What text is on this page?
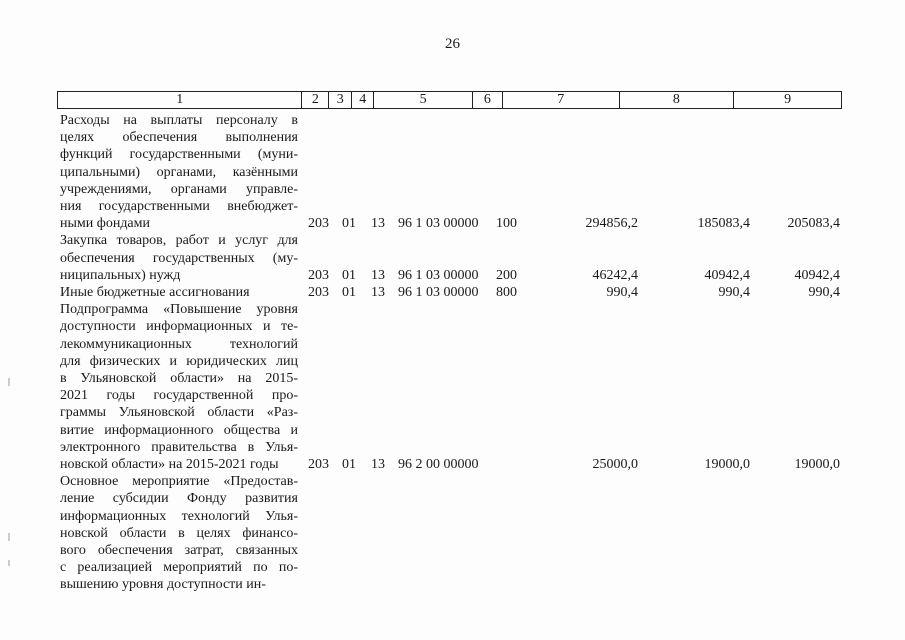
26
1	2	3	4	5	6	7	8	9
Расходы на выплаты персоналу в
целях обеспечения выполнения
функций государственными (муни-
ципальными) органами, казёнными
учреждениями, органами управле-
ния государственными внебюджет-
ными фондами	203 01 13 96 1 03 00000 100	294856,2	185083,4	205083,4
Закупка товаров, работ и услуг для
обеспечения государственных (му-
ниципальных) нужд	203 01 13 96 1 03 00000 200	46242,4	40942,4	40942,4
Иные бюджетные ассигнования	203 01 13 96 1 03 00000 800	990,4	990,4	990,4
Подпрограмма «Повышение уровня
доступности информационных и те-
лекоммуникационных технологий
для физических и юридических лиц
в Ульяновской области» на 2015-
2021 годы государственной про-
граммы Ульяновской области «Раз-
витие информационного общества и
электронного правительства в Улья-
новской области» на 2015-2021 годы	203 01 13 96 2 00 00000	25000,0	19000,0	19000,0
Основное мероприятие «Предостав-
ление субсидии Фонду развития
информационных технологий Улья-
новской области в целях финансо-
вого обеспечения затрат, связанных
с реализацией мероприятий по по-
вышению уровня доступности ин-
